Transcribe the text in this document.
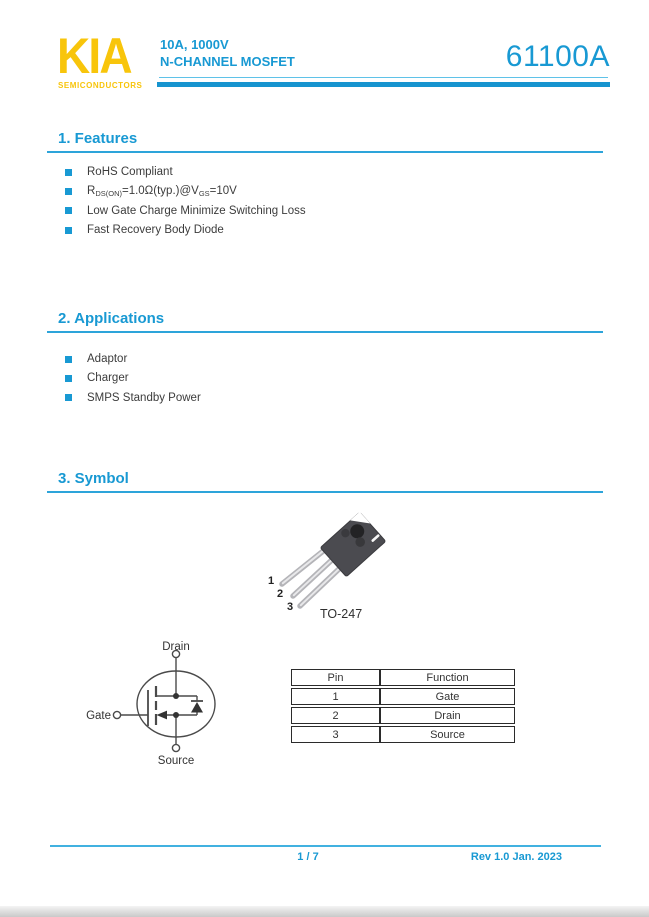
KIA
SEMICONDUCTORS
10A, 1000V
N-CHANNEL MOSFET	61100A
1. Features
RoHS Compliant
$R_{DS(ON)}=1.0\Omega(typ.)@V_{GS}=10V$
Low Gate Charge Minimize Switching Loss
Fast Recovery Body Diode
2. Applications
Adaptor
Charger
SMPS Standby Power
3. Symbol
1
2
3 TO-247
Drain
Gate
Source
Pin	Function
1	Gate
2	Drain
3	Source
1 / 7	Rev 1.0 Jan. 2023
